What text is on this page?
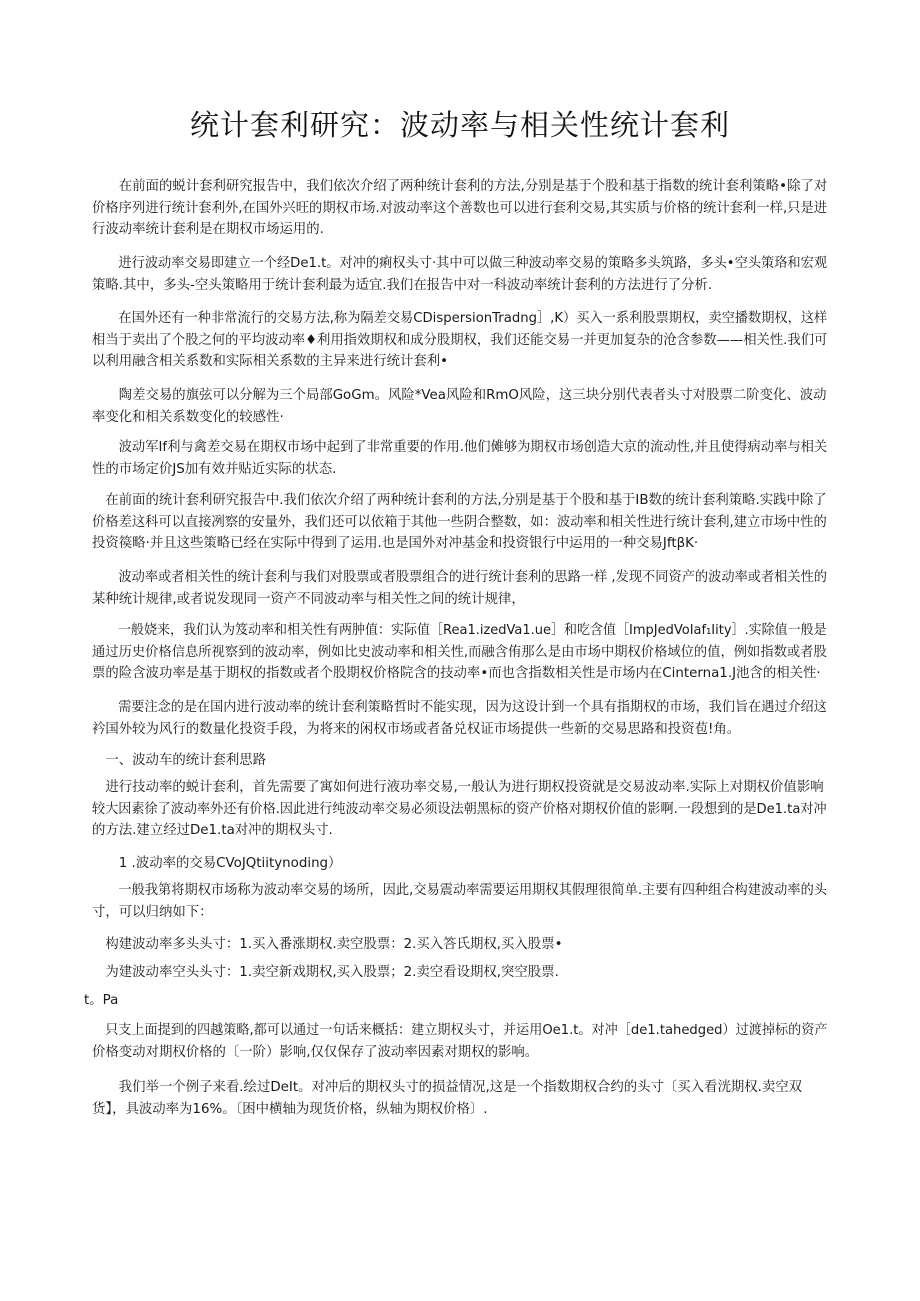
统计套利研究：波动率与相关性统计套利
　　在前面的蜕计套利研究报告中，我们依次介绍了两种统计套利的方法,分别是基于个股和基于指数的统计套利策略•除了对
价格序列进行统计套利外,在国外兴旺的期权市场.对波动率这个善数也可以进行套利交易,其实质与价格的统计套利一样,只是进
行波动率统计套利是在期权市场运用的.
　　进行波动率交易即建立一个经De1.t。对冲的痢权头寸·其中可以做三种波动率交易的策略多头筑路，多头•空头策珞和宏观
策略.其中，多头-空头策略用于统计套利最为适宜.我们在报告中对一科波动率统计套利的方法进行了分析.
　　在国外还有一种非常流行的交易方法,称为隔差交易CDispersionTradng］,K）买入一系利股票期权，卖空播数期权，这样
相当于卖出了个股之何的平均波动率♦利用指效期权和成分股期权，我们还能交易一并更加复杂的沧含参数——相关性.我们可
以利用融含相关系数和实际相关系数的主异来进行统计套利•
　　陶差交易的旗弦可以分解为三个局部GoGm。风险*Vea风险和RmO风险，这三块分别代表者头寸对股票二阶变化、波动
率变化和相关系数变化的较感性·
　　波动军If利与禽差交易在期权市场中起到了非常重要的作用.他们傩够为期权市场创造大京的流动性,并且使得病动率与相关
性的市场定价JS加有效并贴近实际的状态.
　在前面的统计套利研究报告中.我们依次介绍了两种统计套利的方法,分别是基于个股和基于IB数的统计套利策略.实践中除了
价格差这科可以直接冽察的安量外，我们还可以依箱于其他一些阴合整数，如：波动率和相关性进行统计套利,建立市场中性的
投资篌略·并且这些策略已经在实际中得到了运用.也是国外对冲基金和投资银行中运用的一种交易JftβK·
　　波动率或者相关性的统计套利与我们对股票或者股票组合的进行统计套利的思路一样 ,发现不同资产的波动率或者相关性的
某种统计规律,或者说发现同一资产不同波动率与相关性之间的统计规律，
　　一般娆来，我们认为笈动率和相关性有两肿值：实际值［Rea1.izedVa1.ue］和吃含值［ImpJedVoIaf₁Iity］.实除值一般是
通过历史价格信息所视察到的波动率，例如比史波动率和相关性,而融含侑那么是由市场中期权价格域位的值，例如指数或者股
票的险含波功率是基于期权的指数或者个股期权价格院含的技动率•而也含指数相关性是市场内在Cinterna1.J池含的相关性·
　　需要注念的是在国内进行波动率的统计套利策略哲时不能实现，因为这设计到一个具有指期权的市场，我们旨在遇过介绍这
衿国外较为风行的数量化投资手段，为将来的闲权市场或者备兑权证市场提供一些新的交易思路和投资苞!角。
　一、波动车的统计套利思路
　进行技动率的蜕计套利，首先需要了寓如何进行液功率交易,一般认为进行期权投资就是交易波动率.实际上对期权价值影响
较大因素徐了波动率外还有价格.因此进行纯波动率交易必须设法朝黑标的资产价格对期权价值的影啊.一段想到的是De1.ta对冲
的方法.建立经过De1.ta对冲的期权头寸.
　　1 .波动率的交易CVoJQtiitynoding）
　　一般我第将期权市场称为波动率交易的场所，因此,交易震动率需要运用期权其假理很简单.主要有四种组合构建波动率的头
寸，可以归纳如下：
　构建波动率多头头寸：1.买入番涨期权.卖空股票：2.买入答氏期权,买入股票•
　为建波动率空头头寸：1.卖空新戏期权,买入股票；2.卖空看设期权,突空股票.
t。Pa
　只支上面提到的四越策略,都可以通过一句话来概括：建立期权头寸，并运用Oe1.t。对冲［de1.tahedged）过渡掉标的资产
价格变动对期权价格的〔一阶）影响,仅仅保存了波动率因素对期权的影响。
　　我们举一个例子来看.绘过DeIt。对冲后的期权头寸的损益情况,这是一个指数期权合约的头寸〔买入看洸期权.卖空双
货】，具波动率为16%。〔困中横轴为现货价格，纵轴为期权价格〕.
